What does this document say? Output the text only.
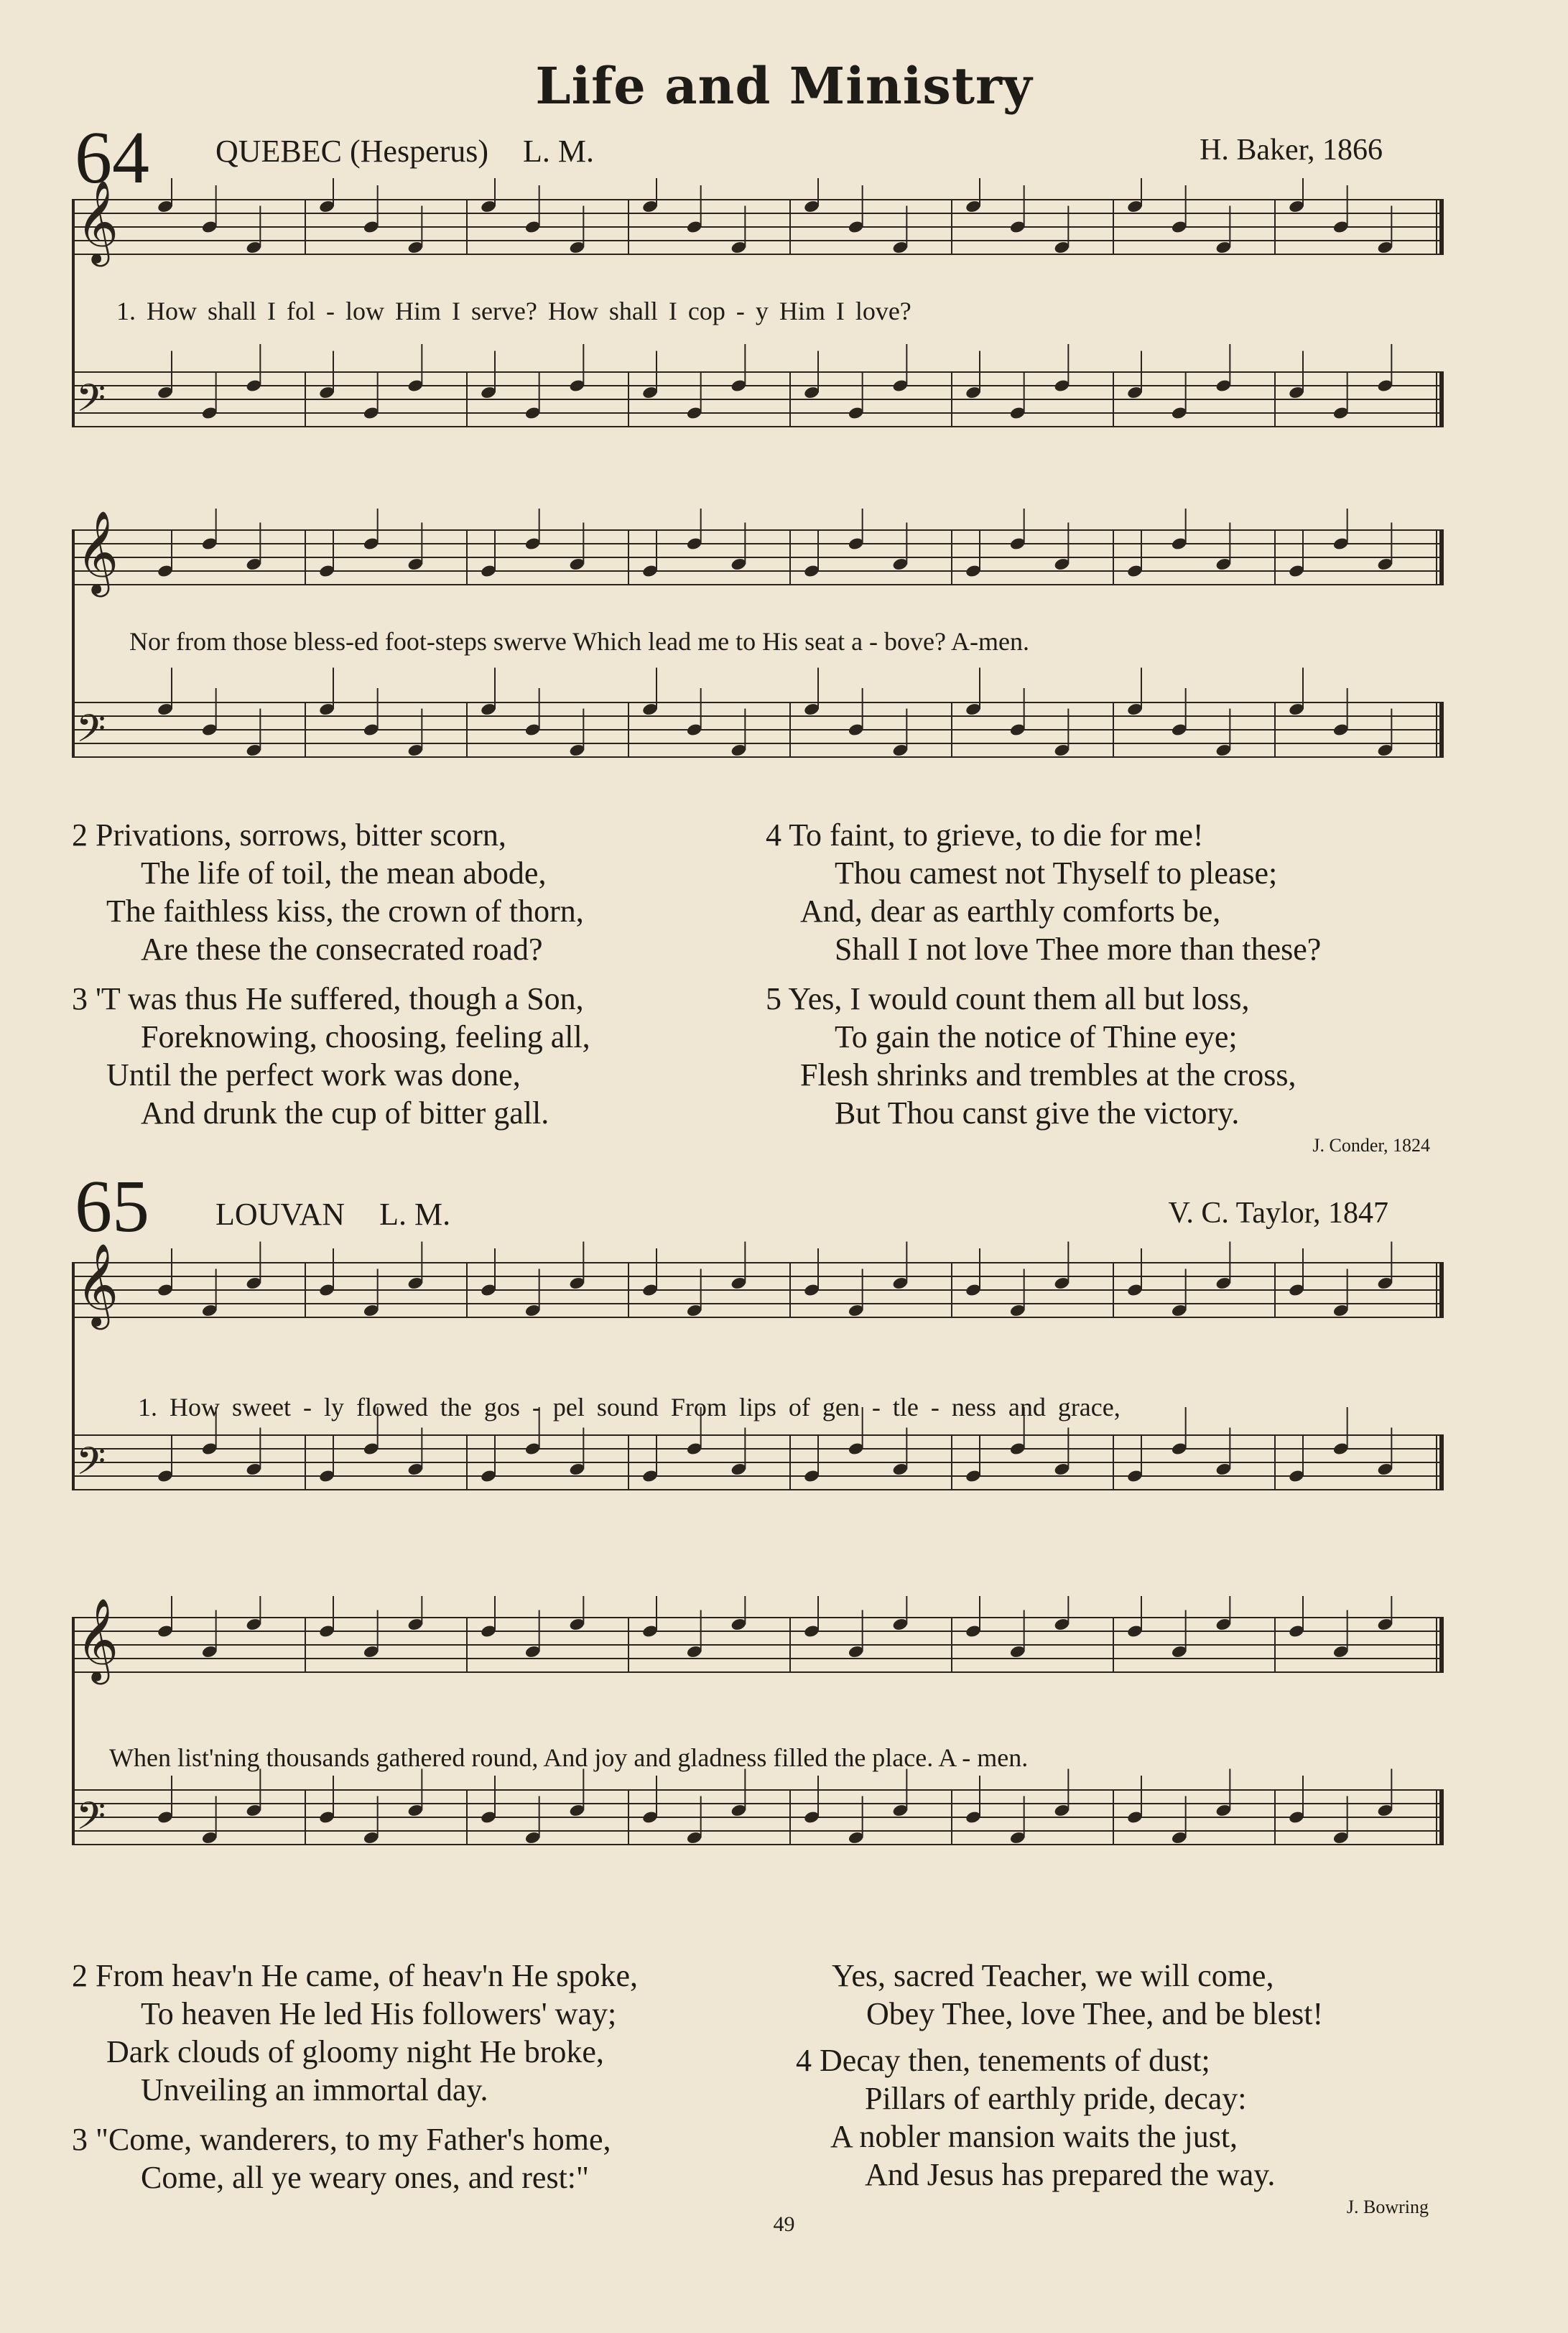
Life and Ministry
64 QUEBEC (Hesperus) L. M.	H. Baker, 1866
𝄞
𝄢
1. How shall I fol - low Him I serve? How shall I cop - y Him I love?
𝄞
𝄢
Nor from those bless-ed foot-steps swerve Which lead me to His seat a - bove? A-men.
2 Privations, sorrows, bitter scorn,
The life of toil, the mean abode,
The faithless kiss, the crown of thorn,
Are these the consecrated road?
3 'T was thus He suffered, though a Son,
Foreknowing, choosing, feeling all,
Until the perfect work was done,
And drunk the cup of bitter gall.
4 To faint, to grieve, to die for me!
Thou camest not Thyself to please;
And, dear as earthly comforts be,
Shall I not love Thee more than these?
5 Yes, I would count them all but loss,
To gain the notice of Thine eye;
Flesh shrinks and trembles at the cross,
But Thou canst give the victory.
J. Conder, 1824
65 LOUVAN L. M.	V. C. Taylor, 1847
𝄞
𝄢
1. How sweet - ly flowed the gos - pel sound From lips of gen - tle - ness and grace,
𝄞
𝄢
When list'ning thousands gathered round, And joy and gladness filled the place. A - men.
2 From heav'n He came, of heav'n He spoke,
To heaven He led His followers' way;
Dark clouds of gloomy night He broke,
Unveiling an immortal day.
3 "Come, wanderers, to my Father's home,
Come, all ye weary ones, and rest:"
Yes, sacred Teacher, we will come,
Obey Thee, love Thee, and be blest!
4 Decay then, tenements of dust;
Pillars of earthly pride, decay:
A nobler mansion waits the just,
And Jesus has prepared the way.
J. Bowring
49
